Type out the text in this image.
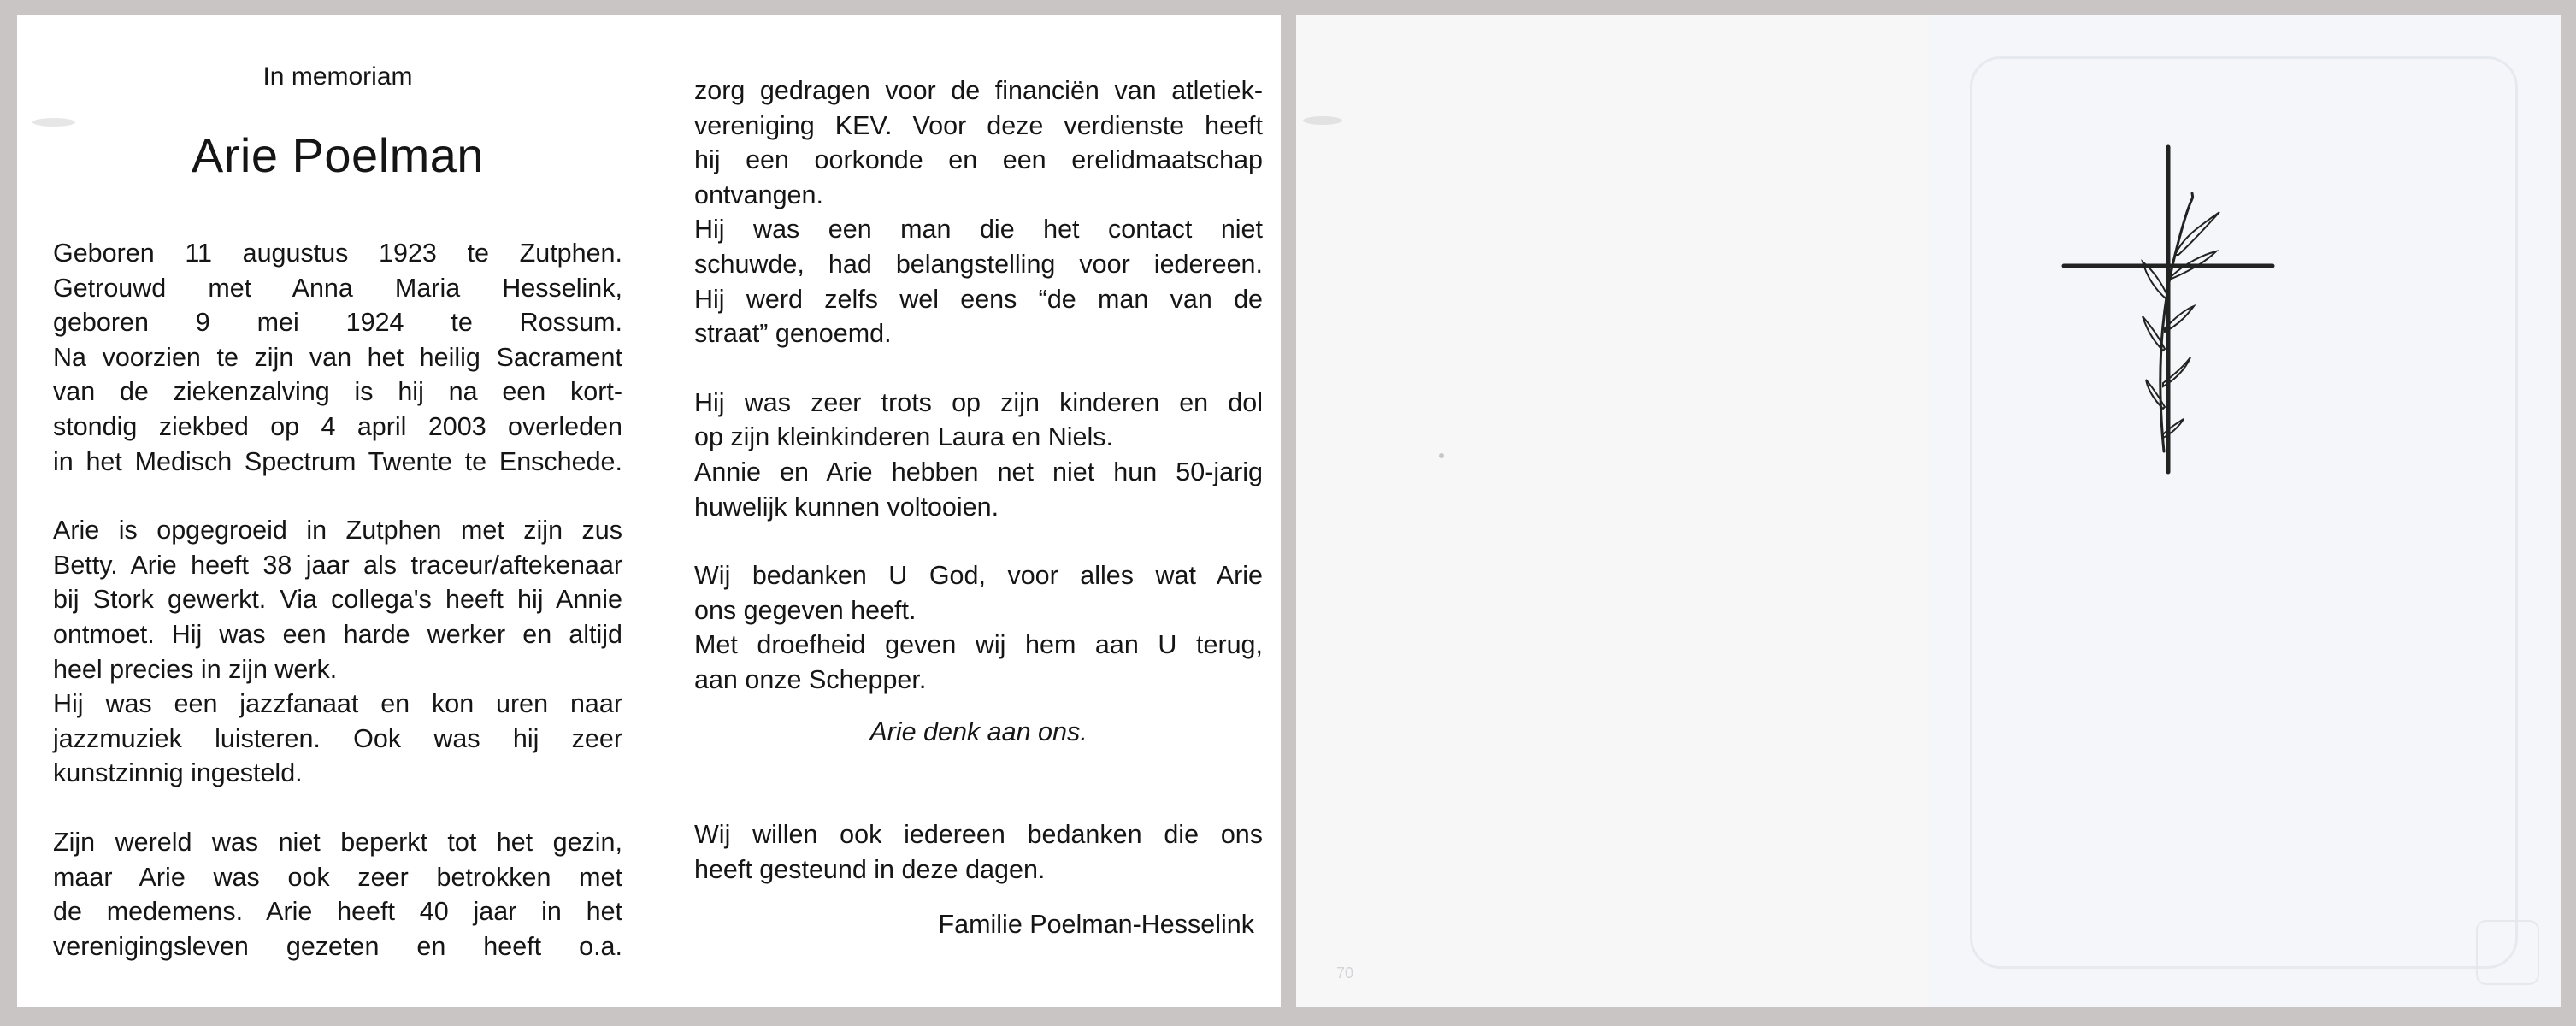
In memoriam
Arie Poelman
Geboren 11 augustus 1923 te Zutphen.
Getrouwd met Anna Maria Hesselink,
geboren 9 mei 1924 te Rossum.
Na voorzien te zijn van het heilig Sacrament
van de ziekenzalving is hij na een kort-
stondig ziekbed op 4 april 2003 overleden
in het Medisch Spectrum Twente te Enschede.
Arie is opgegroeid in Zutphen met zijn zus
Betty. Arie heeft 38 jaar als traceur/aftekenaar
bij Stork gewerkt. Via collega's heeft hij Annie
ontmoet. Hij was een harde werker en altijd
heel precies in zijn werk.
Hij was een jazzfanaat en kon uren naar
jazzmuziek luisteren. Ook was hij zeer
kunstzinnig ingesteld.
Zijn wereld was niet beperkt tot het gezin,
maar Arie was ook zeer betrokken met
de medemens. Arie heeft 40 jaar in het
verenigingsleven gezeten en heeft o.a.
zorg gedragen voor de financiën van atletiek-
vereniging KEV. Voor deze verdienste heeft
hij een oorkonde en een erelidmaatschap
ontvangen.
Hij was een man die het contact niet
schuwde, had belangstelling voor iedereen.
Hij werd zelfs wel eens “de man van de
straat” genoemd.
Hij was zeer trots op zijn kinderen en dol
op zijn kleinkinderen Laura en Niels.
Annie en Arie hebben net niet hun 50-jarig
huwelijk kunnen voltooien.
Wij bedanken U God, voor alles wat Arie
ons gegeven heeft.
Met droefheid geven wij hem aan U terug,
aan onze Schepper.
Arie denk aan ons.
Wij willen ook iedereen bedanken die ons
heeft gesteund in deze dagen.
Familie Poelman-Hesselink
70
